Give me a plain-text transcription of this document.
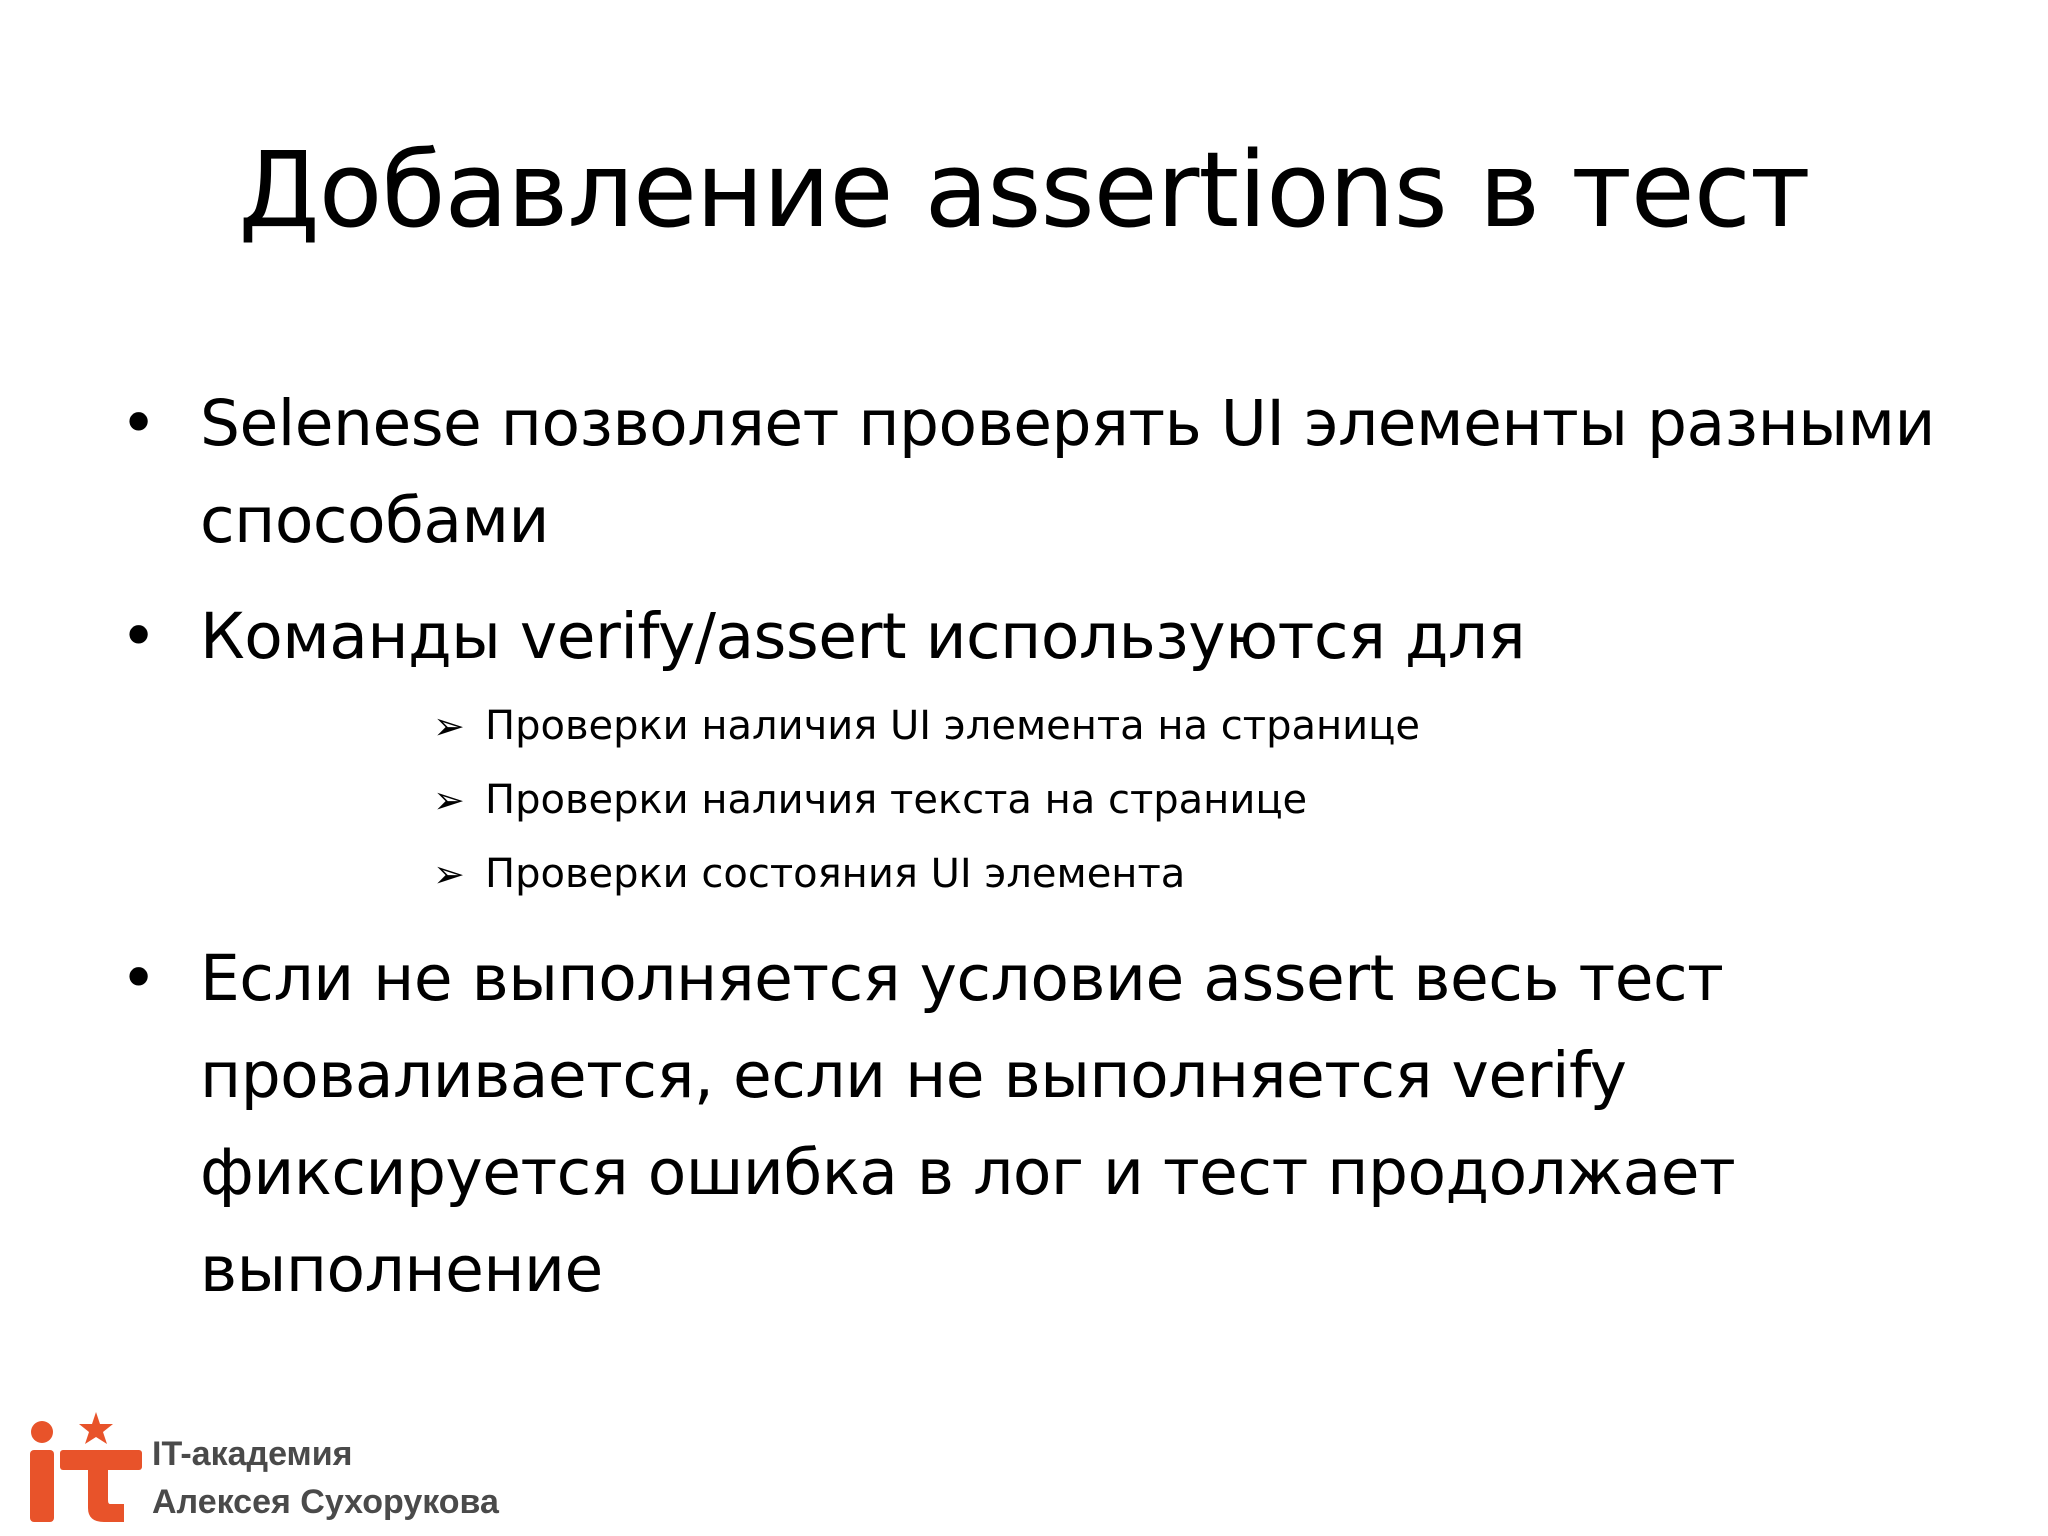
Добавление assertions в тест
• Selenese позволяет проверять UI элементы разными способами
• Команды verify/assert используются для
➢ Проверки наличия UI элемента на странице
➢ Проверки наличия текста на странице
➢ Проверки состояния UI элемента
• Если не выполняется условие assert весь тест проваливается, если не выполняется verify фиксируется ошибка в лог и тест продолжает выполнение
IT-академия
Алексея Сухорукова
